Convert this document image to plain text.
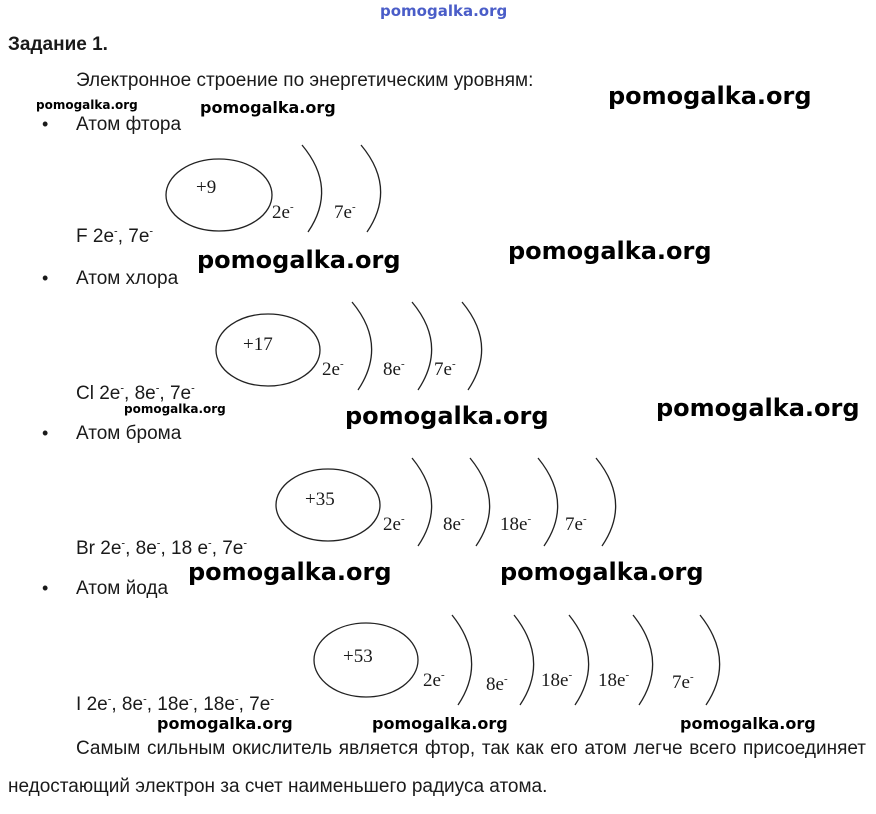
pomogalka.org
Задание 1.
Электронное строение по энергетическим уровням:
• Атом фтора
• Атом хлора
• Атом брома
• Атом йода
F 2e-, 7e-
Cl 2e-, 8e-, 7e-
Br 2e-, 8e-, 18 e-, 7e-
I 2e-, 8e-, 18e-, 18e-, 7e-
+9
2e- 7e-
+17
2e- 8e- 7e-
+35
2e- 8e- 18e- 7e-
+53
2e- 8e- 18e- 18e- 7e-
pomogalka.org	pomogalka.org	pomogalka.org
pomogalka.org	pomogalka.org
pomogalka.org	pomogalka.org	pomogalka.org
pomogalka.org	pomogalka.org
pomogalka.org	pomogalka.org	pomogalka.org
Самым сильным окислитель является фтор, так как его атом легче всего присоединяет недостающий электрон за счет наименьшего радиуса атома.
